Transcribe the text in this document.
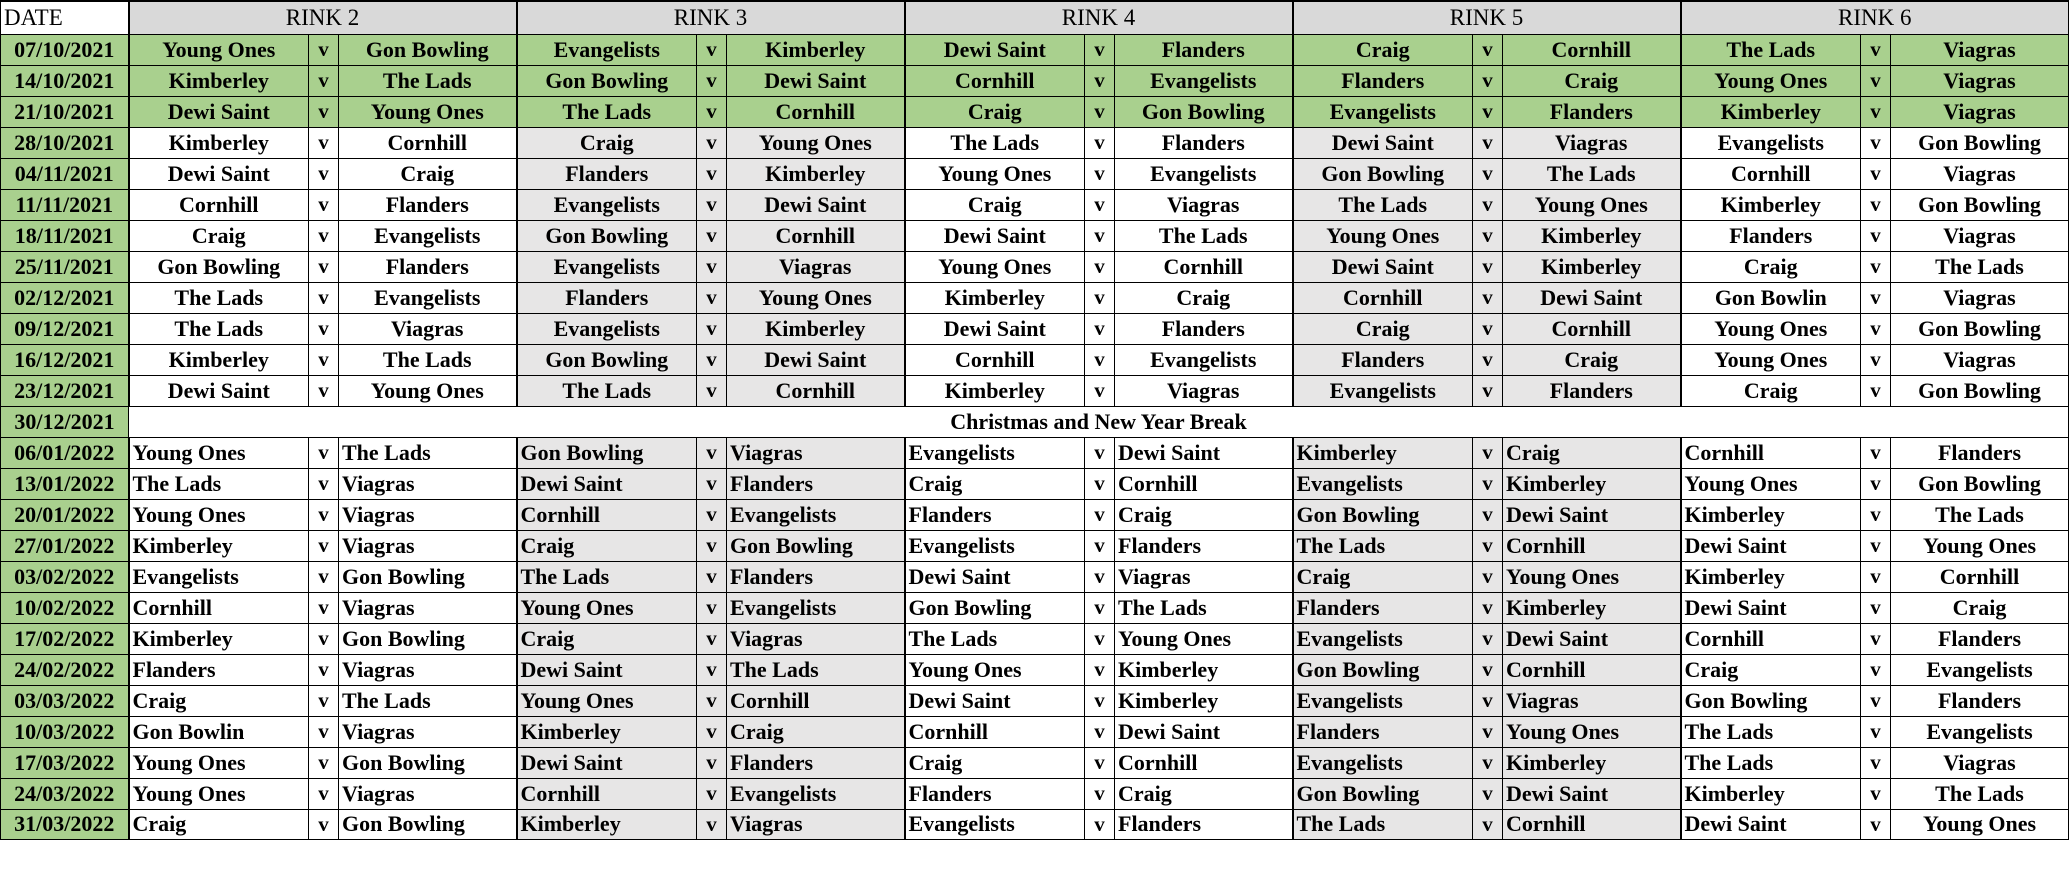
DATE	RINK 2			RINK 3			RINK 4			RINK 5			RINK 6		
07/10/2021	Young Ones	v	Gon Bowling	Evangelists	v	Kimberley	Dewi Saint	v	Flanders	Craig	v	Cornhill	The Lads	v	Viagras
14/10/2021	Kimberley	v	The Lads	Gon Bowling	v	Dewi Saint	Cornhill	v	Evangelists	Flanders	v	Craig	Young Ones	v	Viagras
21/10/2021	Dewi Saint	v	Young Ones	The Lads	v	Cornhill	Craig	v	Gon Bowling	Evangelists	v	Flanders	Kimberley	v	Viagras
28/10/2021	Kimberley	v	Cornhill	Craig	v	Young Ones	The Lads	v	Flanders	Dewi Saint	v	Viagras	Evangelists	v	Gon Bowling
04/11/2021	Dewi Saint	v	Craig	Flanders	v	Kimberley	Young Ones	v	Evangelists	Gon Bowling	v	The Lads	Cornhill	v	Viagras
11/11/2021	Cornhill	v	Flanders	Evangelists	v	Dewi Saint	Craig	v	Viagras	The Lads	v	Young Ones	Kimberley	v	Gon Bowling
18/11/2021	Craig	v	Evangelists	Gon Bowling	v	Cornhill	Dewi Saint	v	The Lads	Young Ones	v	Kimberley	Flanders	v	Viagras
25/11/2021	Gon Bowling	v	Flanders	Evangelists	v	Viagras	Young Ones	v	Cornhill	Dewi Saint	v	Kimberley	Craig	v	The Lads
02/12/2021	The Lads	v	Evangelists	Flanders	v	Young Ones	Kimberley	v	Craig	Cornhill	v	Dewi Saint	Gon Bowlin	v	Viagras
09/12/2021	The Lads	v	Viagras	Evangelists	v	Kimberley	Dewi Saint	v	Flanders	Craig	v	Cornhill	Young Ones	v	Gon Bowling
16/12/2021	Kimberley	v	The Lads	Gon Bowling	v	Dewi Saint	Cornhill	v	Evangelists	Flanders	v	Craig	Young Ones	v	Viagras
23/12/2021	Dewi Saint	v	Young Ones	The Lads	v	Cornhill	Kimberley	v	Viagras	Evangelists	v	Flanders	Craig	v	Gon Bowling
30/12/2021	Christmas and New Year Break														
06/01/2022	Young Ones	v	The Lads	Gon Bowling	v	Viagras	Evangelists	v	Dewi Saint	Kimberley	v	Craig	Cornhill	v	Flanders
13/01/2022	The Lads	v	Viagras	Dewi Saint	v	Flanders	Craig	v	Cornhill	Evangelists	v	Kimberley	Young Ones	v	Gon Bowling
20/01/2022	Young Ones	v	Viagras	Cornhill	v	Evangelists	Flanders	v	Craig	Gon Bowling	v	Dewi Saint	Kimberley	v	The Lads
27/01/2022	Kimberley	v	Viagras	Craig	v	Gon Bowling	Evangelists	v	Flanders	The Lads	v	Cornhill	Dewi Saint	v	Young Ones
03/02/2022	Evangelists	v	Gon Bowling	The Lads	v	Flanders	Dewi Saint	v	Viagras	Craig	v	Young Ones	Kimberley	v	Cornhill
10/02/2022	Cornhill	v	Viagras	Young Ones	v	Evangelists	Gon Bowling	v	The Lads	Flanders	v	Kimberley	Dewi Saint	v	Craig
17/02/2022	Kimberley	v	Gon Bowling	Craig	v	Viagras	The Lads	v	Young Ones	Evangelists	v	Dewi Saint	Cornhill	v	Flanders
24/02/2022	Flanders	v	Viagras	Dewi Saint	v	The Lads	Young Ones	v	Kimberley	Gon Bowling	v	Cornhill	Craig	v	Evangelists
03/03/2022	Craig	v	The Lads	Young Ones	v	Cornhill	Dewi Saint	v	Kimberley	Evangelists	v	Viagras	Gon Bowling	v	Flanders
10/03/2022	Gon Bowlin	v	Viagras	Kimberley	v	Craig	Cornhill	v	Dewi Saint	Flanders	v	Young Ones	The Lads	v	Evangelists
17/03/2022	Young Ones	v	Gon Bowling	Dewi Saint	v	Flanders	Craig	v	Cornhill	Evangelists	v	Kimberley	The Lads	v	Viagras
24/03/2022	Young Ones	v	Viagras	Cornhill	v	Evangelists	Flanders	v	Craig	Gon Bowling	v	Dewi Saint	Kimberley	v	The Lads
31/03/2022	Craig	v	Gon Bowling	Kimberley	v	Viagras	Evangelists	v	Flanders	The Lads	v	Cornhill	Dewi Saint	v	Young Ones
